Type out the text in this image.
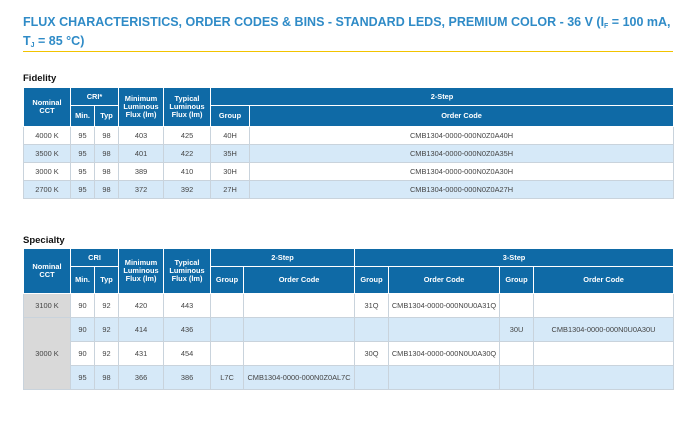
FLUX CHARACTERISTICS, ORDER CODES & BINS - STANDARD LEDS, PREMIUM COLOR - 36 V ($I_F = 100$ mA, $T_J = 85$ °C)
Fidelity
Nominal CCT	CRI*		Minimum Luminous Flux (lm)	Typical Luminous Flux (lm)	2-Step	
	Min.	Typ			Group	Order Code
4000 K	95	98	403	425	40H	CMB1304-0000-000N0Z0A40H
3500 K	95	98	401	422	35H	CMB1304-0000-000N0Z0A35H
3000 K	95	98	389	410	30H	CMB1304-0000-000N0Z0A30H
2700 K	95	98	372	392	27H	CMB1304-0000-000N0Z0A27H
Specialty
Nominal CCT	CRI		Minimum Luminous Flux (lm)	Typical Luminous Flux (lm)	2-Step		3-Step			
	Min.	Typ			Group	Order Code	Group	Order Code	Group	Order Code
3100 K	90	92	420	443			31Q	CMB1304-0000-000N0U0A31Q		
3000 K	90	92	414	436					30U	CMB1304-0000-000N0U0A30U
	90	92	431	454			30Q	CMB1304-0000-000N0U0A30Q		
	95	98	366	386	L7C	CMB1304-0000-000N0Z0AL7C				
